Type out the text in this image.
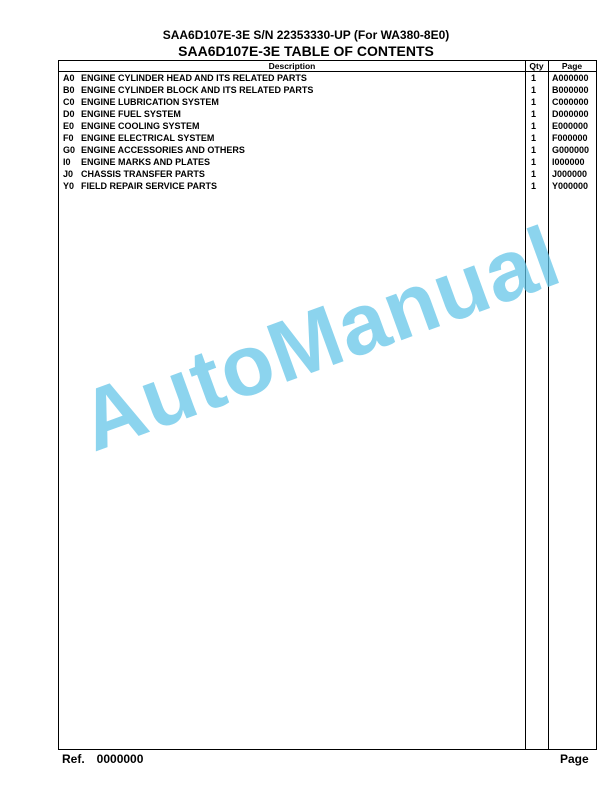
SAA6D107E-3E S/N 22353330-UP (For WA380-8E0)
SAA6D107E-3E TABLE OF CONTENTS
Description	Qty	Page
A0 ENGINE CYLINDER HEAD AND ITS RELATED PARTS	1 A000000
B0 ENGINE CYLINDER BLOCK AND ITS RELATED PARTS	1 B000000
C0 ENGINE LUBRICATION SYSTEM	1 C000000
D0 ENGINE FUEL SYSTEM	1 D000000
E0 ENGINE COOLING SYSTEM	1 E000000
F0 ENGINE ELECTRICAL SYSTEM	1 F000000
G0 ENGINE ACCESSORIES AND OTHERS	1 G000000
I0 ENGINE MARKS AND PLATES	1 I000000
J0 CHASSIS TRANSFER PARTS	1 J000000
Y0 FIELD REPAIR SERVICE PARTS	1 Y000000
AutoManual
Ref. 0000000	Page
